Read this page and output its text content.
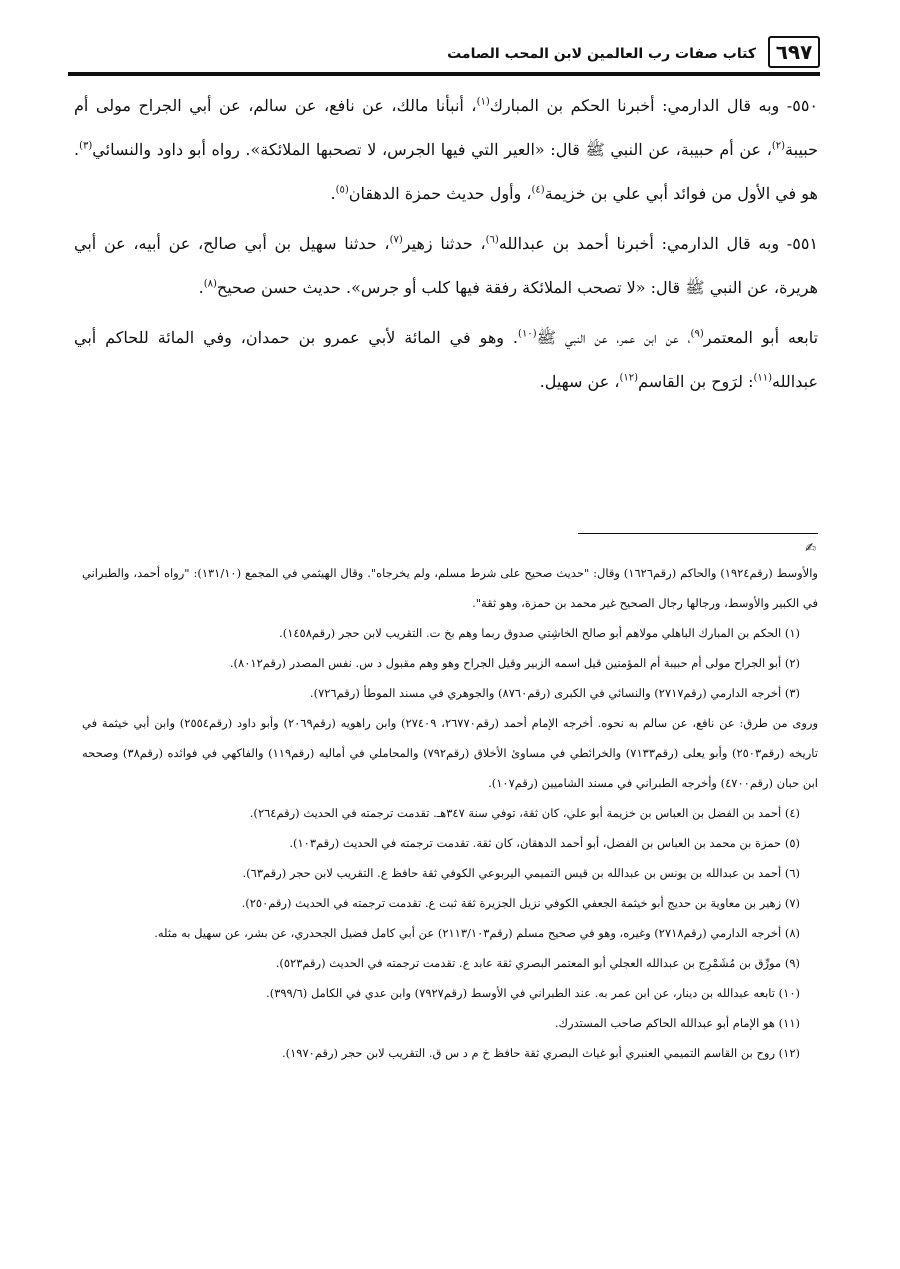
٦٩٧
كتاب صفات رب العالمين لابن المحب الصامت

٥٥٠- وبه قال الدارمي: أخبرنا الحكم بن المبارك$^{(١)}$، أنبأنا مالك، عن نافع، عن سالم، عن أبي الجراح مولى أم حبيبة$^{(٢)}$، عن أم حبيبة، عن النبي ﷺ قال: «العير التي فيها الجرس، لا تصحبها الملائكة». رواه أبو داود والنسائي$^{(٣)}$. هو في الأول من فوائد أبي علي بن خزيمة$^{(٤)}$، وأول حديث حمزة الدهقان$^{(٥)}$.

٥٥١- وبه قال الدارمي: أخبرنا أحمد بن عبدالله$^{(٦)}$، حدثنا زهير$^{(٧)}$، حدثنا سهيل بن أبي صالح، عن أبيه، عن أبي هريرة، عن النبي ﷺ قال: «لا تصحب الملائكة رفقة فيها كلب أو جرس». حديث حسن صحيح$^{(٨)}$.

تابعه أبو المعتمر$^{(٩)}$، عن ابن عمر، عن النبي ﷺ$^{(١٠)}$. وهو في المائة لأبي عمرو بن حمدان، وفي المائة للحاكم أبي عبدالله$^{(١١)}$: لرَوح بن القاسم$^{(١٢)}$، عن سهيل.

✍

والأوسط (رقم١٩٢٤) والحاكم (رقم١٦٢٦) وقال: "حديث صحيح على شرط مسلم، ولم يخرجاه". وقال الهيثمي في المجمع (١٣١/١٠): "رواه أحمد، والطبراني في الكبير والأوسط، ورجالها رجال الصحيح غير محمد بن حمزة، وهو ثقة".

(١) الحكم بن المبارك الباهلي مولاهم أبو صالح الخاشِتي صدوق ربما وهم بخ ت. التقريب لابن حجر (رقم١٤٥٨).

(٢) أبو الجراح مولى أم حبيبة أم المؤمنين قيل اسمه الزبير وقيل الجراح وهو وهم مقبول د س. نفس المصدر (رقم٨٠١٢).

(٣) أخرجه الدارمي (رقم٢٧١٧) والنسائي في الكبرى (رقم٨٧٦٠) والجوهري في مسند الموطأ (رقم٧٢٦).

وروى من طرق: عن نافع، عن سالم به نحوه. أخرجه الإمام أحمد (رقم٢٦٧٧٠، ٢٧٤٠٩) وابن راهويه (رقم٢٠٦٩) وأبو داود (رقم٢٥٥٤) وابن أبي خيثمة في تاريخه (رقم٢٥٠٣) وأبو يعلى (رقم٧١٣٣) والخرائطي في مساوئ الأخلاق (رقم٧٩٢) والمحاملي في أماليه (رقم١١٩) والفاكهي في فوائده (رقم٣٨) وصححه ابن حبان (رقم٤٧٠٠) وأخرجه الطبراني في مسند الشاميين (رقم١٠٧).

(٤) أحمد بن الفضل بن العباس بن خزيمة أبو علي، كان ثقة، توفي سنة ٣٤٧هـ. تقدمت ترجمته في الحديث (رقم٢٦٤).

(٥) حمزة بن محمد بن العباس بن الفضل، أبو أحمد الدهقان، كان ثقة. تقدمت ترجمته في الحديث (رقم١٠٣).

(٦) أحمد بن عبدالله بن يونس بن عبدالله بن قيس التميمي اليربوعي الكوفي ثقة حافظ ع. التقريب لابن حجر (رقم٦٣).

(٧) زهير بن معاوية بن حديج أبو خيثمة الجعفي الكوفي نزيل الجزيرة ثقة ثبت ع. تقدمت ترجمته في الحديث (رقم٢٥٠).

(٨) أخرجه الدارمي (رقم٢٧١٨) وغيره، وهو في صحيح مسلم (رقم٢١١٣/١٠٣) عن أبي كامل فضيل الجحدري، عن بشر، عن سهيل به مثله.

(٩) مورِّق بن مُشَمْرِج بن عبدالله العجلي أبو المعتمر البصري ثقة عابد ع. تقدمت ترجمته في الحديث (رقم٥٢٣).

(١٠) تابعه عبدالله بن دينار، عن ابن عمر به. عند الطبراني في الأوسط (رقم٧٩٢٧) وابن عدي في الكامل (٣٩٩/٦).

(١١) هو الإمام أبو عبدالله الحاكم صاحب المستدرك.

(١٢) روح بن القاسم التميمي العنبري أبو غياث البصري ثقة حافظ خ م د س ق. التقريب لابن حجر (رقم١٩٧٠).
